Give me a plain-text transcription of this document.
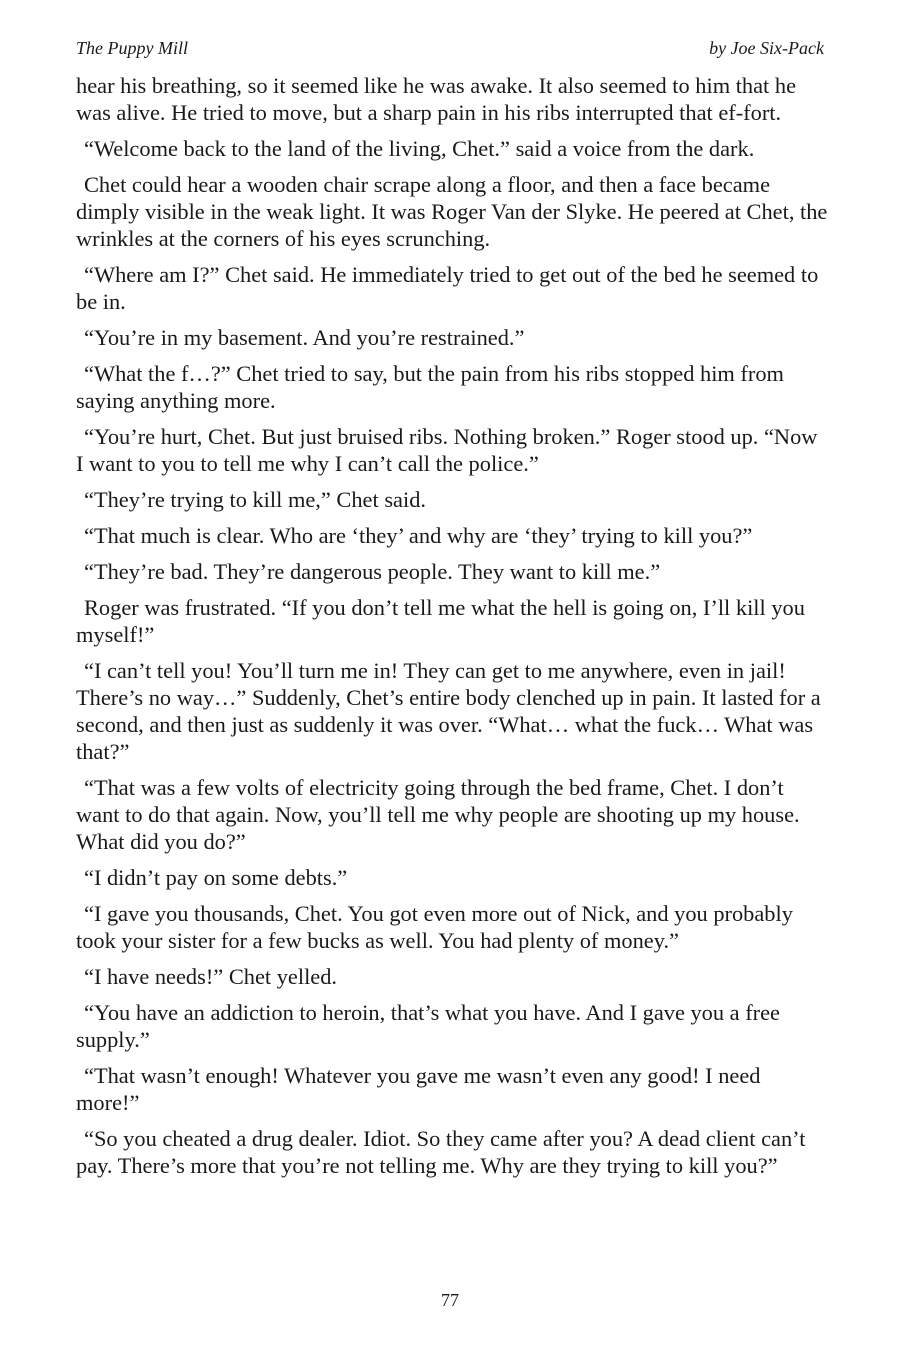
The Puppy Mill	by Joe Six-Pack

hear his breathing, so it seemed like he was awake. It also seemed to him that he was alive. He tried to move, but a sharp pain in his ribs interrupted that ef-fort.

“Welcome back to the land of the living, Chet.” said a voice from the dark.

Chet could hear a wooden chair scrape along a floor, and then a face became dimply visible in the weak light. It was Roger Van der Slyke. He peered at Chet, the wrinkles at the corners of his eyes scrunching.

“Where am I?” Chet said. He immediately tried to get out of the bed he seemed to be in.

“You’re in my basement. And you’re restrained.”

“What the f…?” Chet tried to say, but the pain from his ribs stopped him from saying anything more.

“You’re hurt, Chet. But just bruised ribs. Nothing broken.” Roger stood up. “Now I want to you to tell me why I can’t call the police.”

“They’re trying to kill me,” Chet said.

“That much is clear. Who are ‘they’ and why are ‘they’ trying to kill you?”

“They’re bad. They’re dangerous people. They want to kill me.”

Roger was frustrated. “If you don’t tell me what the hell is going on, I’ll kill you myself!”

“I can’t tell you! You’ll turn me in! They can get to me anywhere, even in jail! There’s no way…” Suddenly, Chet’s entire body clenched up in pain. It lasted for a second, and then just as suddenly it was over. “What… what the fuck… What was that?”

“That was a few volts of electricity going through the bed frame, Chet. I don’t want to do that again. Now, you’ll tell me why people are shooting up my house. What did you do?”

“I didn’t pay on some debts.”

“I gave you thousands, Chet. You got even more out of Nick, and you probably took your sister for a few bucks as well. You had plenty of money.”

“I have needs!” Chet yelled.

“You have an addiction to heroin, that’s what you have. And I gave you a free supply.”

“That wasn’t enough! Whatever you gave me wasn’t even any good! I need more!”

“So you cheated a drug dealer. Idiot. So they came after you? A dead client can’t pay. There’s more that you’re not telling me. Why are they trying to kill you?”

77
